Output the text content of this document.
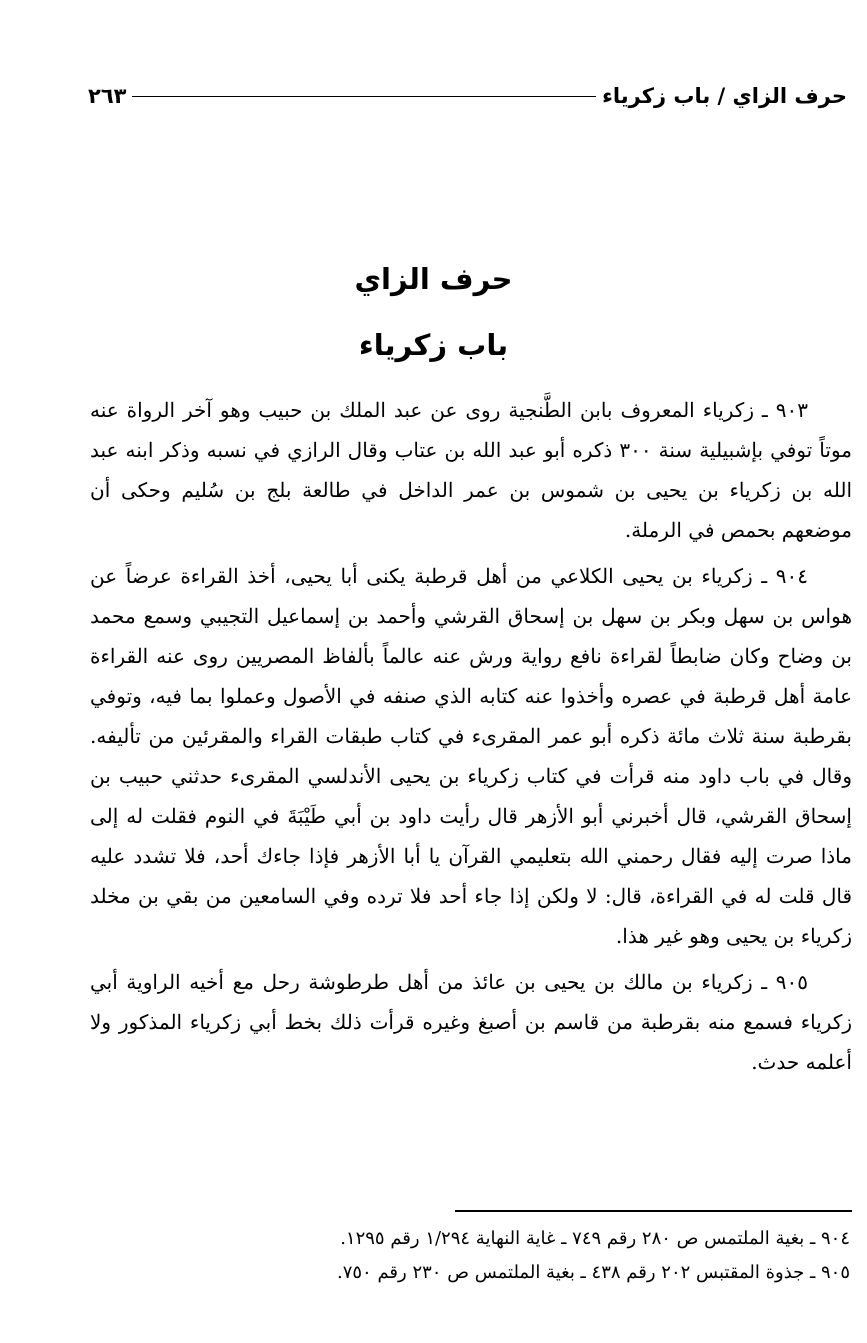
حرف الزاي / باب زكرياء
٢٦٣
حرف الزاي
باب زكرياء

٩٠٣ ـ زكرياء المعروف بابن الطَّنجية روى عن عبد الملك بن حبيب وهو آخر الرواة عنه موتاً توفي بإشبيلية سنة ٣٠٠ ذكره أبو عبد الله بن عتاب وقال الرازي في نسبه وذكر ابنه عبد الله بن زكرياء بن يحيى بن شموس بن عمر الداخل في طالعة بلج بن سُليم وحكى أن موضعهم بحمص في الرملة.

٩٠٤ ـ زكرياء بن يحيى الكلاعي من أهل قرطبة يكنى أبا يحيى، أخذ القراءة عرضاً عن هواس بن سهل وبكر بن سهل بن إسحاق القرشي وأحمد بن إسماعيل التجيبي وسمع محمد بن وضاح وكان ضابطاً لقراءة نافع رواية ورش عنه عالماً بألفاظ المصريين روى عنه القراءة عامة أهل قرطبة في عصره وأخذوا عنه كتابه الذي صنفه في الأصول وعملوا بما فيه، وتوفي بقرطبة سنة ثلاث مائة ذكره أبو عمر المقرىء في كتاب طبقات القراء والمقرئين من تأليفه. وقال في باب داود منه قرأت في كتاب زكرياء بن يحيى الأندلسي المقرىء حدثني حبيب بن إسحاق القرشي، قال أخبرني أبو الأزهر قال رأيت داود بن أبي طَيْبَةَ في النوم فقلت له إلى ماذا صرت إليه فقال رحمني الله بتعليمي القرآن يا أبا الأزهر فإذا جاءك أحد، فلا تشدد عليه قال قلت له في القراءة، قال: لا ولكن إذا جاء أحد فلا ترده وفي السامعين من بقي بن مخلد زكرياء بن يحيى وهو غير هذا.

٩٠٥ ـ زكرياء بن مالك بن يحيى بن عائذ من أهل طرطوشة رحل مع أخيه الراوية أبي زكرياء فسمع منه بقرطبة من قاسم بن أصبغ وغيره قرأت ذلك بخط أبي زكرياء المذكور ولا أعلمه حدث.

٩٠٤ ـ بغية الملتمس ص ٢٨٠ رقم ٧٤٩ ـ غاية النهاية ١/٢٩٤ رقم ١٢٩٥.

٩٠٥ ـ جذوة المقتبس ٢٠٢ رقم ٤٣٨ ـ بغية الملتمس ص ٢٣٠ رقم ٧٥٠.
